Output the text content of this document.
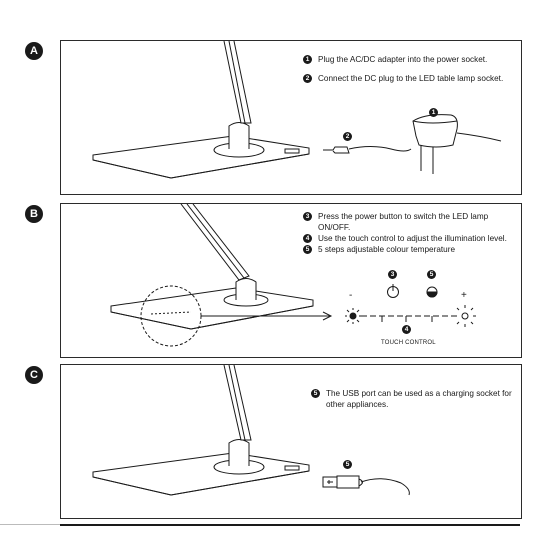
A
B
C
1	Plug the AC/DC adapter into the power socket.
2	Connect the DC plug to the LED table lamp socket.
1
2
3	Press the power button to switch the LED lamp ON/OFF.
4	Use the touch control to adjust the illumination level.
5	5 steps adjustable colour temperature
3	5
4
-	+
TOUCH CONTROL
5	The USB port can be used as a charging socket for other appliances.
5
